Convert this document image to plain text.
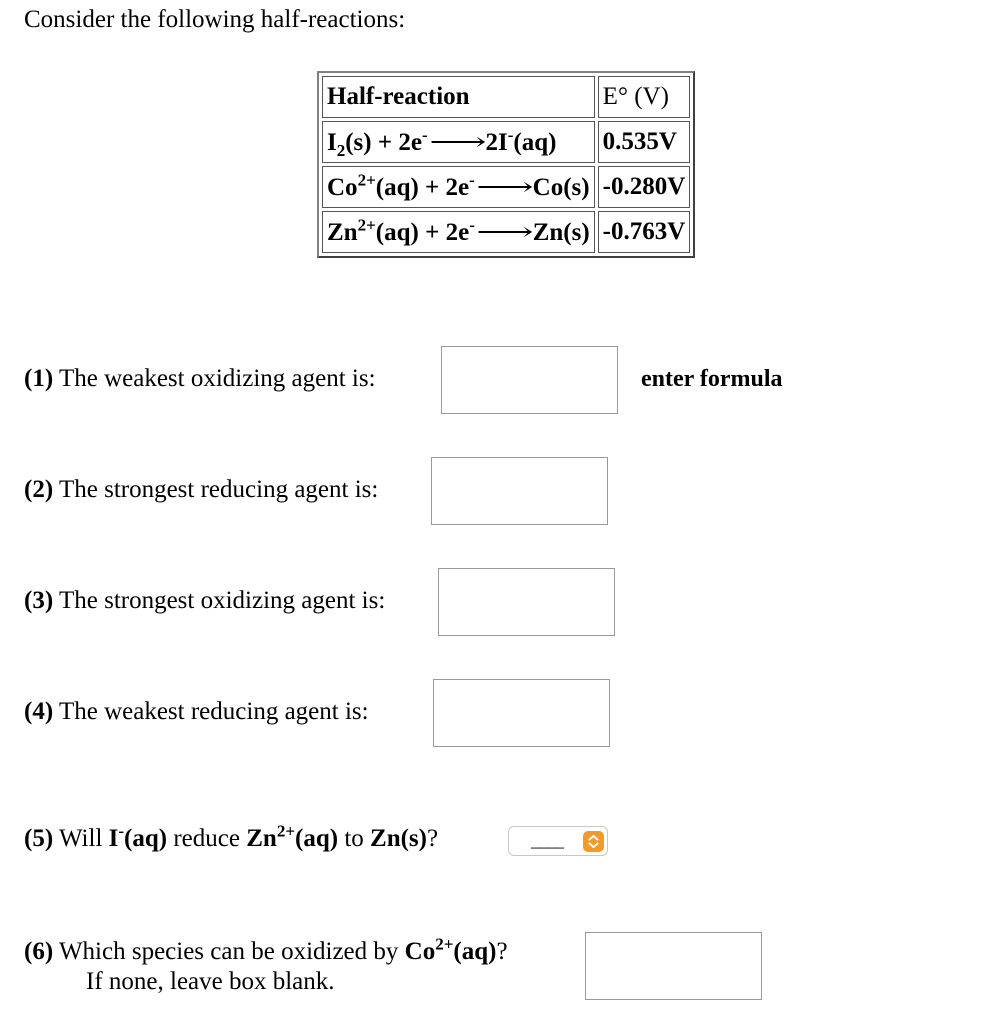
Consider the following half-reactions:
Half-reaction	E° (V)
$I_2(s)$ + 2e-⟶2I-(aq)	0.535V
$Co^{2+}(aq)$ + 2e-⟶Co(s)	-0.280V
$Zn^{2+}(aq)$ + 2e-⟶Zn(s)	-0.763V
(1) The weakest oxidizing agent is:	enter formula
(2) The strongest reducing agent is:
(3) The strongest oxidizing agent is:
(4) The weakest reducing agent is:
(5) Will I-(aq) reduce $Zn^{2+}(aq)$ to Zn(s)?	____
(6) Which species can be oxidized by $Co^{2+}(aq)$?
If none, leave box blank.
